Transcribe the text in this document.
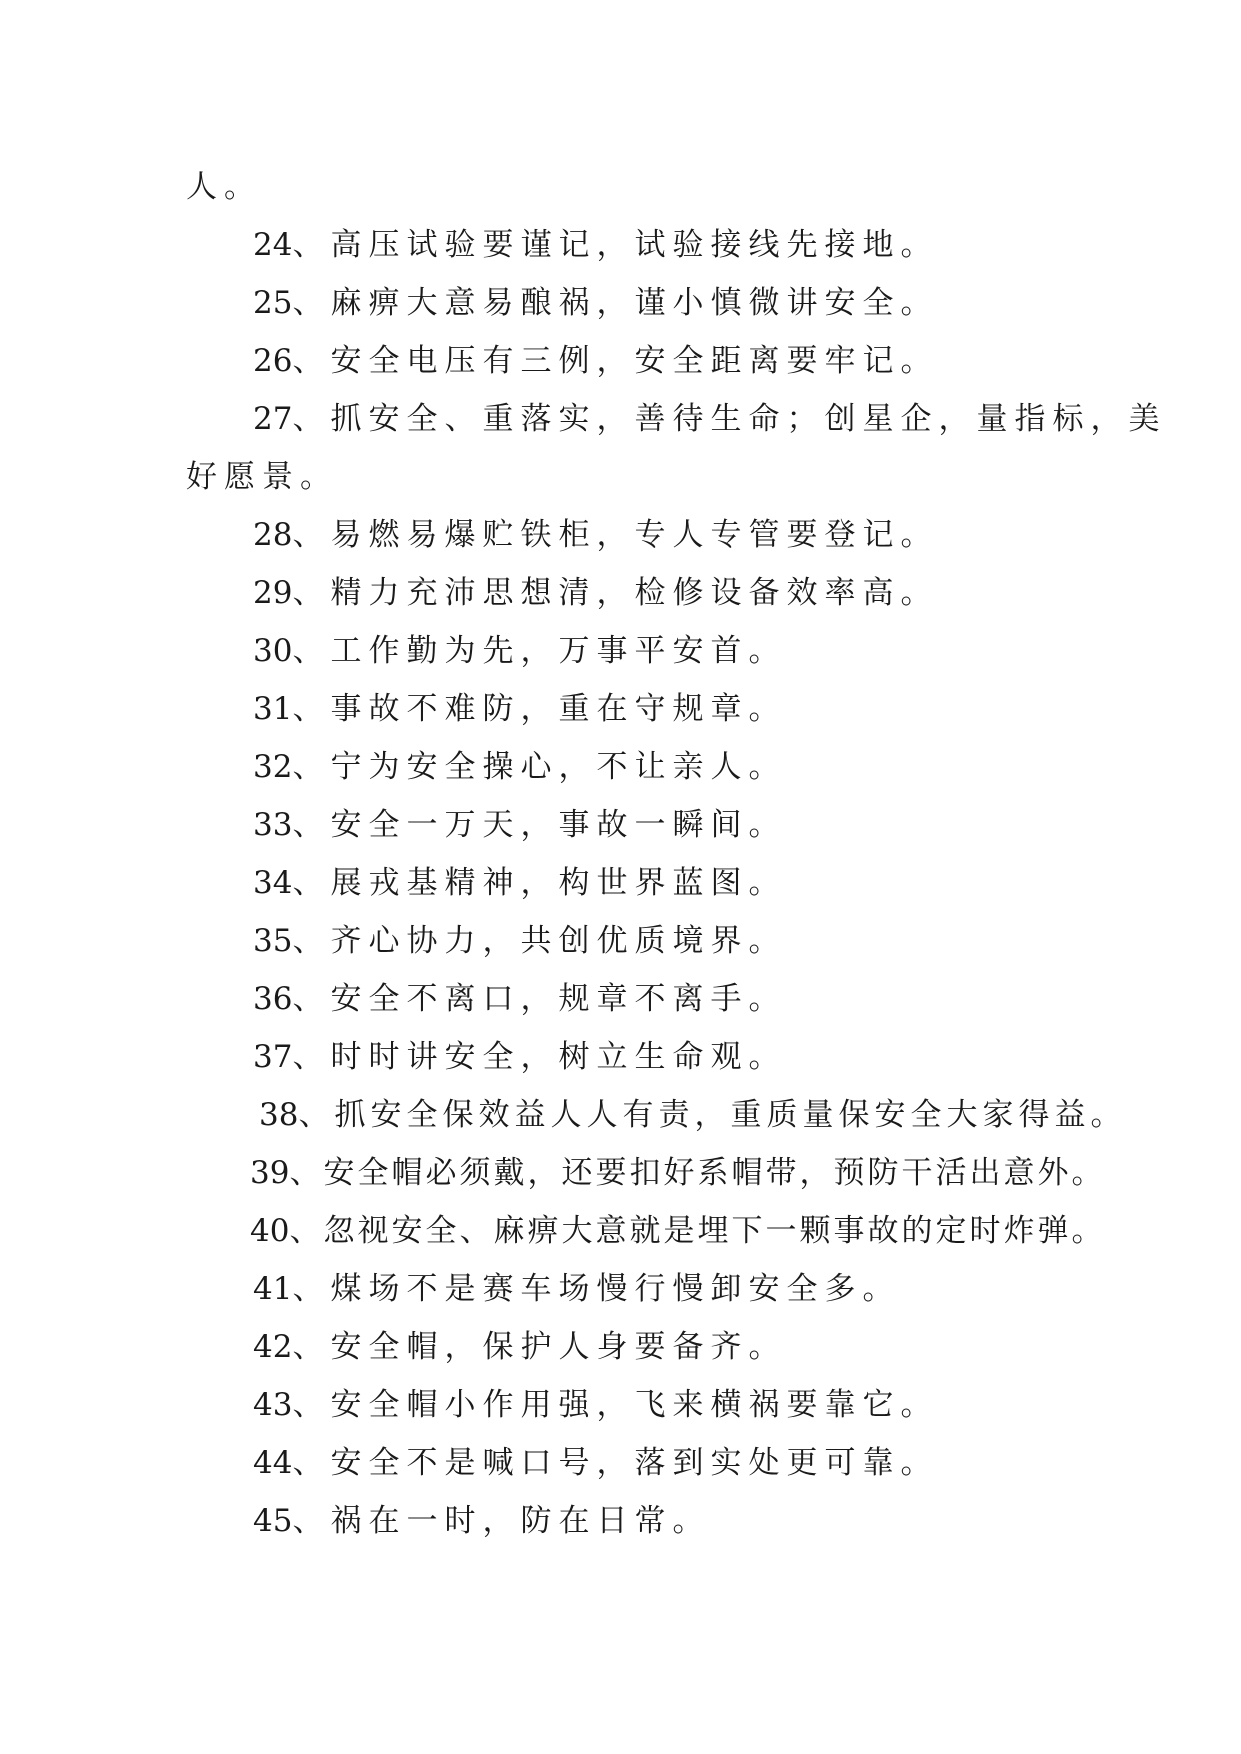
人。
24、高压试验要谨记，试验接线先接地。
25、麻痹大意易酿祸，谨小慎微讲安全。
26、安全电压有三例，安全距离要牢记。
27、抓安全、重落实，善待生命；创星企，量指标，美
好愿景。
28、易燃易爆贮铁柜，专人专管要登记。
29、精力充沛思想清，检修设备效率高。
30、工作勤为先，万事平安首。
31、事故不难防，重在守规章。
32、宁为安全操心，不让亲人。
33、安全一万天，事故一瞬间。
34、展戎基精神，构世界蓝图。
35、齐心协力，共创优质境界。
36、安全不离口，规章不离手。
37、时时讲安全，树立生命观。
38、抓安全保效益人人有责，重质量保安全大家得益。
39、安全帽必须戴，还要扣好系帽带，预防干活出意外。
40、忽视安全、麻痹大意就是埋下一颗事故的定时炸弹。
41、煤场不是赛车场慢行慢卸安全多。
42、安全帽，保护人身要备齐。
43、安全帽小作用强，飞来横祸要靠它。
44、安全不是喊口号，落到实处更可靠。
45、祸在一时，防在日常。
